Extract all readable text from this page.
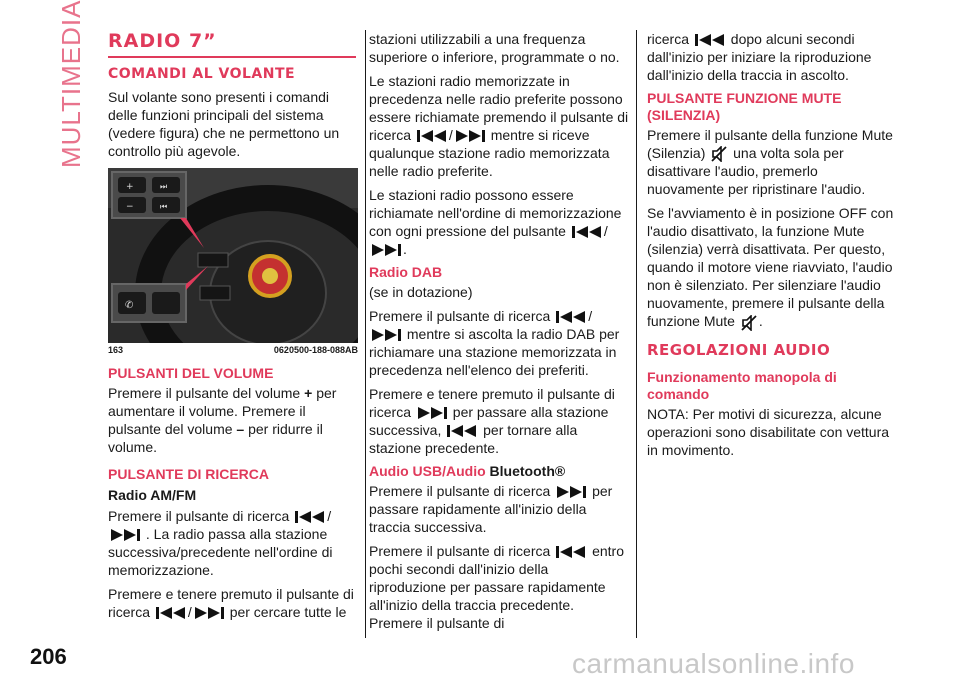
MULTIMEDIA RADIO 7”
COMANDI AL VOLANTE

Sul volante sono presenti i comandi delle funzioni principali del sistema (vedere figura) che ne permettono un controllo più agevole.

+	⏭
−	⏮
✆
163	0620500-188-088AB
PULSANTI DEL VOLUME

Premere il pulsante del volume + per aumentare il volume. Premere il pulsante del volume – per ridurre il volume.

PULSANTE DI RICERCA
Radio AM/FM

Premere il pulsante di ricerca	/  . La radio passa alla stazione successiva/precedente nell'ordine di memorizzazione.

Premere e tenere premuto il pulsante di ricerca	/	per cercare tutte le

stazioni utilizzabili a una frequenza superiore o inferiore, programmate o no.

Le stazioni radio memorizzate in precedenza nelle radio preferite possono essere richiamate premendo il pulsante di ricerca	/	mentre si riceve qualunque stazione radio memorizzata nelle radio preferite.

Le stazioni radio possono essere richiamate nell'ordine di memorizzazione con ogni pressione del pulsante	/.

Radio DAB

(se in dotazione)

Premere il pulsante di ricerca	/  mentre si ascolta la radio DAB per richiamare una stazione memorizzata in precedenza nell'elenco dei preferiti.

Premere e tenere premuto il pulsante di ricerca	per passare alla stazione successiva,	per tornare alla stazione precedente.

Audio USB/Audio Bluetooth®

Premere il pulsante di ricerca	per passare rapidamente all'inizio della traccia successiva.

Premere il pulsante di ricerca	entro pochi secondi dall'inizio della riproduzione per passare rapidamente all'inizio della traccia precedente. Premere il pulsante di

ricerca	dopo alcuni secondi dall'inizio per iniziare la riproduzione dall'inizio della traccia in ascolto.

PULSANTE FUNZIONE MUTE (SILENZIA)

Premere il pulsante della funzione Mute (Silenzia) una volta sola per disattivare l'audio, premerlo nuovamente per ripristinare l'audio.

Se l'avviamento è in posizione OFF con l'audio disattivato, la funzione Mute (silenzia) verrà disattivata. Per questo, quando il motore viene riavviato, l'audio non è silenziato. Per silenziare l'audio nuovamente, premere il pulsante della funzione Mute .

REGOLAZIONI AUDIO
Funzionamento manopola di comando

NOTA: Per motivi di sicurezza, alcune operazioni sono disabilitate con vettura in movimento.

206	carmanualsonline.info
